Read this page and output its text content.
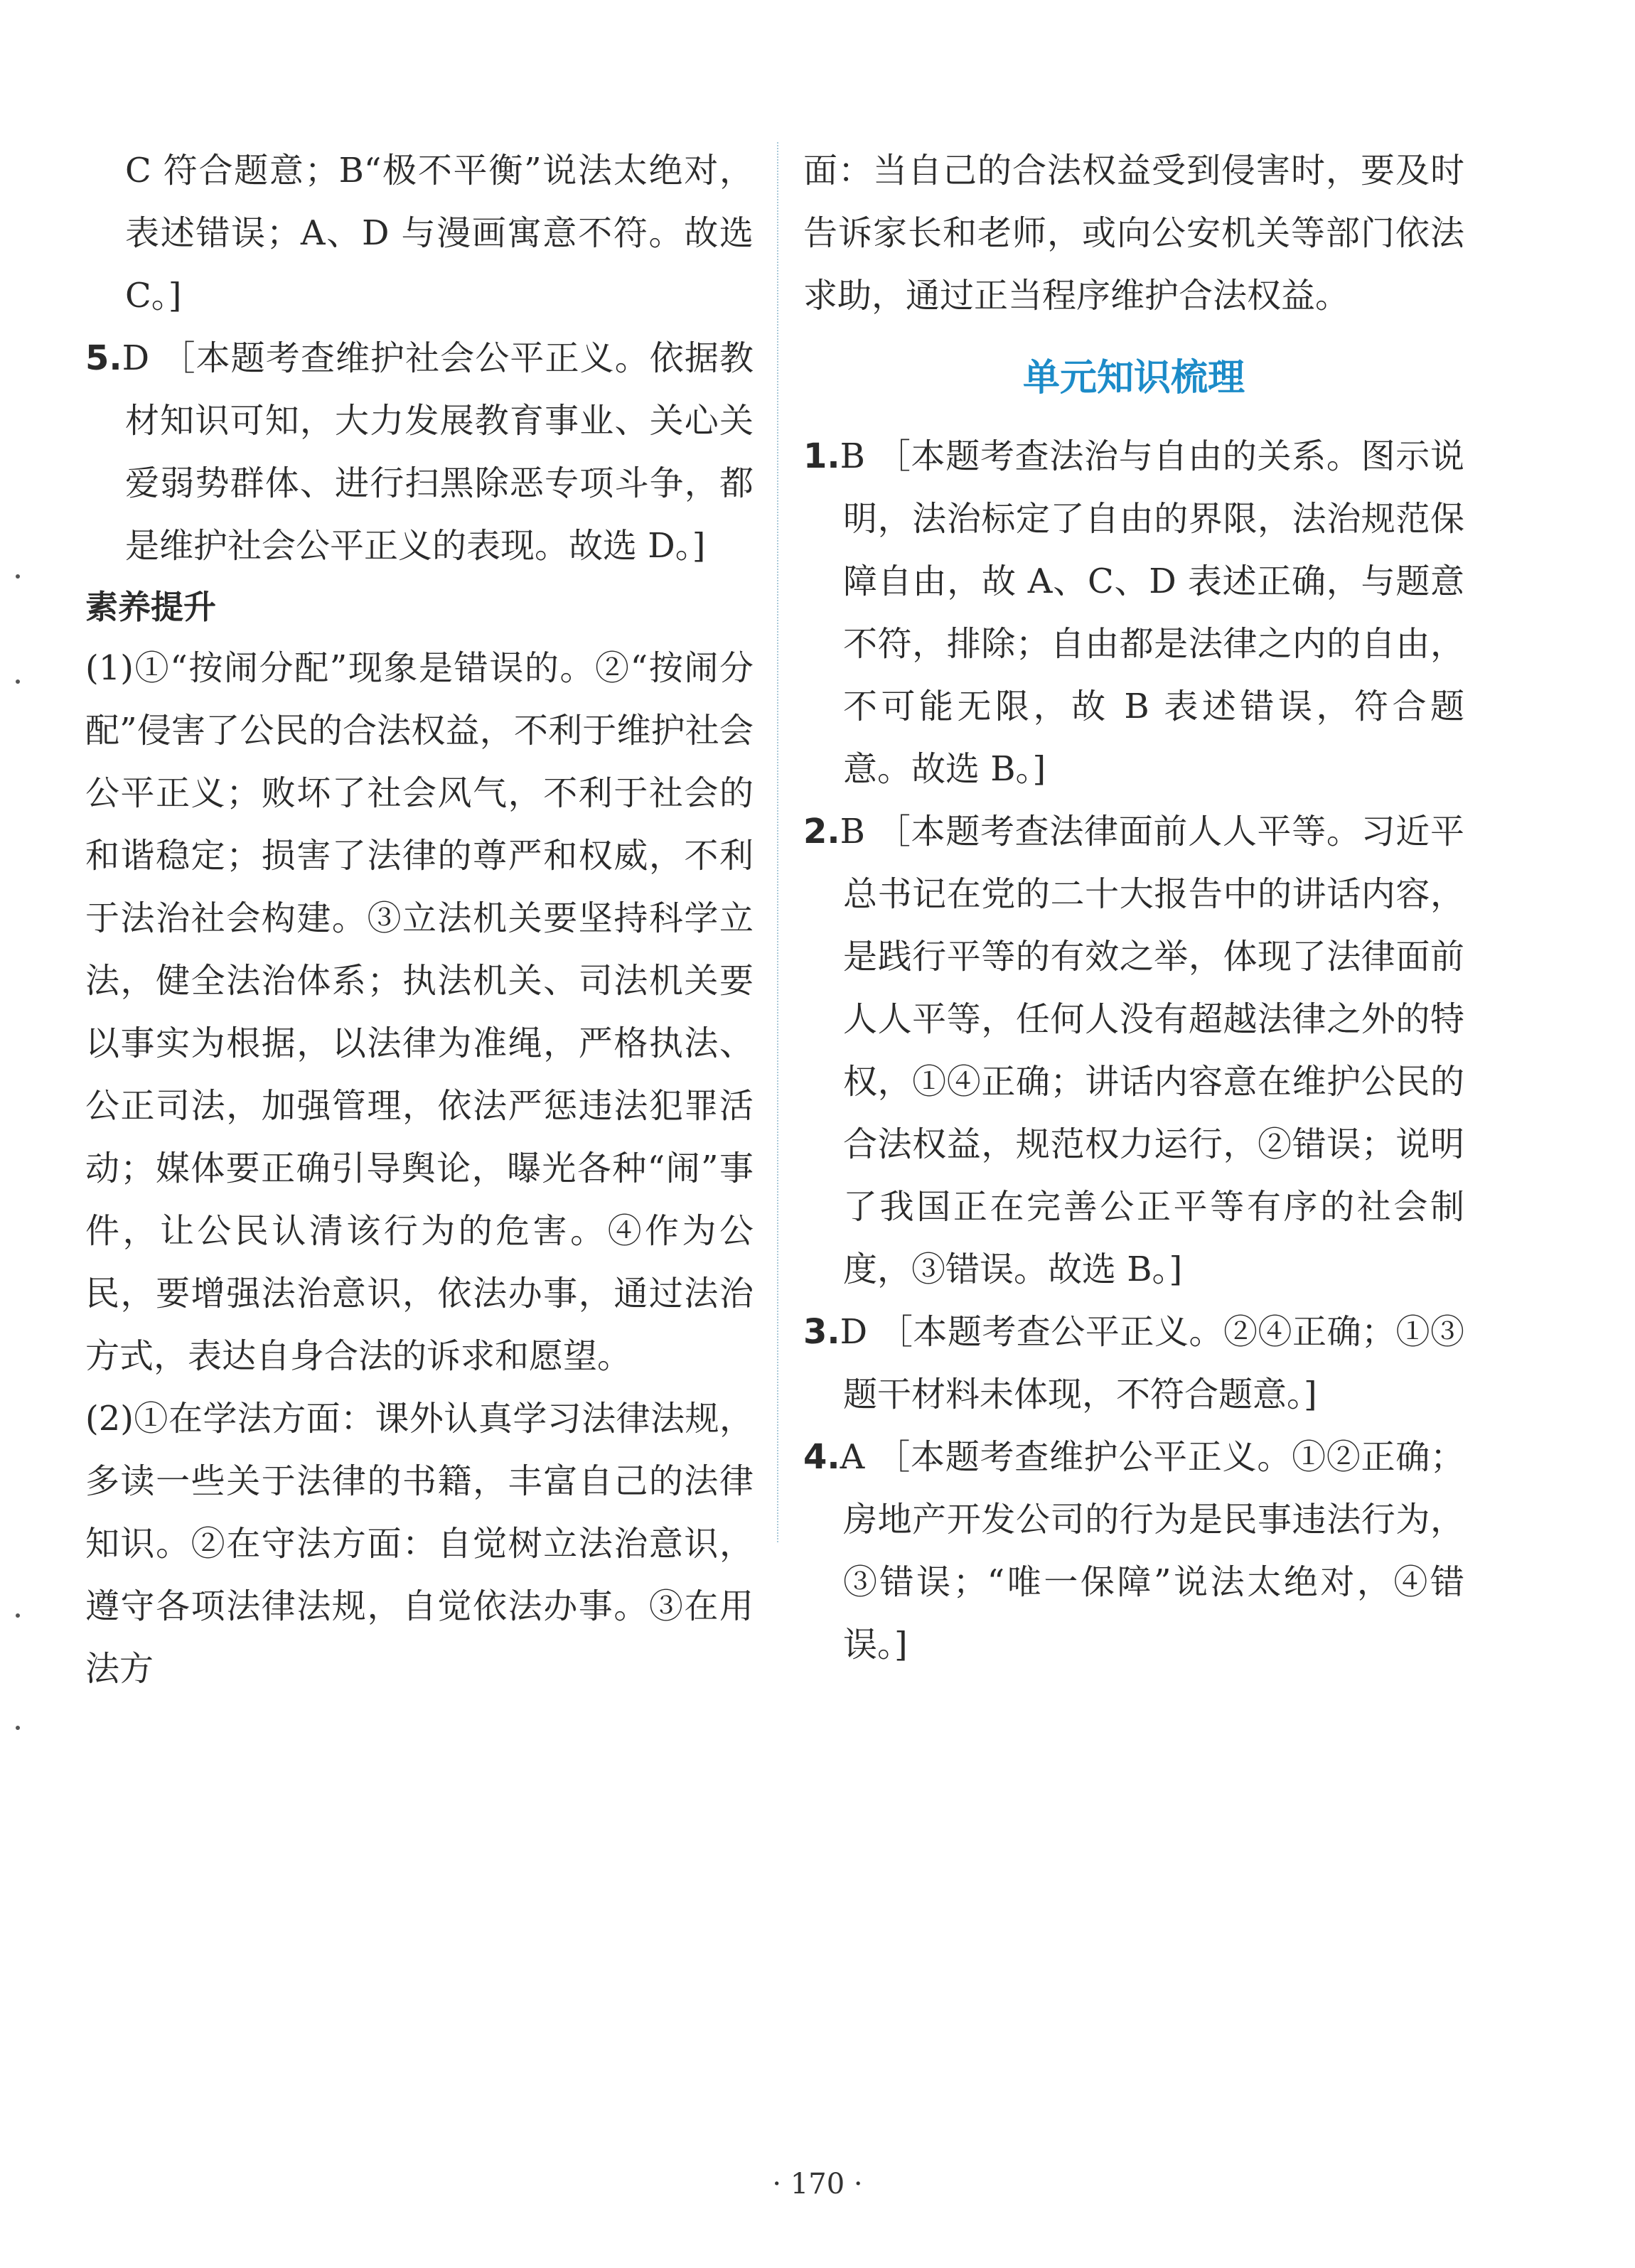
C 符合题意；B“极不平衡”说法太绝对，表述错误；A、D 与漫画寓意不符。故选 C。]

5.D ［本题考查维护社会公平正义。依据教材知识可知，大力发展教育事业、关心关爱弱势群体、进行扫黑除恶专项斗争，都是维护社会公平正义的表现。故选 D。]

素养提升

(1)①“按闹分配”现象是错误的。②“按闹分配”侵害了公民的合法权益，不利于维护社会公平正义；败坏了社会风气，不利于社会的和谐稳定；损害了法律的尊严和权威，不利于法治社会构建。③立法机关要坚持科学立法，健全法治体系；执法机关、司法机关要以事实为根据，以法律为准绳，严格执法、公正司法，加强管理，依法严惩违法犯罪活动；媒体要正确引导舆论，曝光各种“闹”事件，让公民认清该行为的危害。④作为公民，要增强法治意识，依法办事，通过法治方式，表达自身合法的诉求和愿望。

(2)①在学法方面：课外认真学习法律法规，多读一些关于法律的书籍，丰富自己的法律知识。②在守法方面：自觉树立法治意识，遵守各项法律法规，自觉依法办事。③在用法方

面：当自己的合法权益受到侵害时，要及时告诉家长和老师，或向公安机关等部门依法求助，通过正当程序维护合法权益。

单元知识梳理

1.B ［本题考查法治与自由的关系。图示说明，法治标定了自由的界限，法治规范保障自由，故 A、C、D 表述正确，与题意不符，排除；自由都是法律之内的自由，不可能无限，故 B 表述错误，符合题意。故选 B。]

2.B ［本题考查法律面前人人平等。习近平总书记在党的二十大报告中的讲话内容，是践行平等的有效之举，体现了法律面前人人平等，任何人没有超越法律之外的特权，①④正确；讲话内容意在维护公民的合法权益，规范权力运行，②错误；说明了我国正在完善公正平等有序的社会制度，③错误。故选 B。]

3.D ［本题考查公平正义。②④正确；①③题干材料未体现，不符合题意。]

4.A ［本题考查维护公平正义。①②正确；房地产开发公司的行为是民事违法行为，③错误；“唯一保障”说法太绝对，④错误。]

· 170 ·
